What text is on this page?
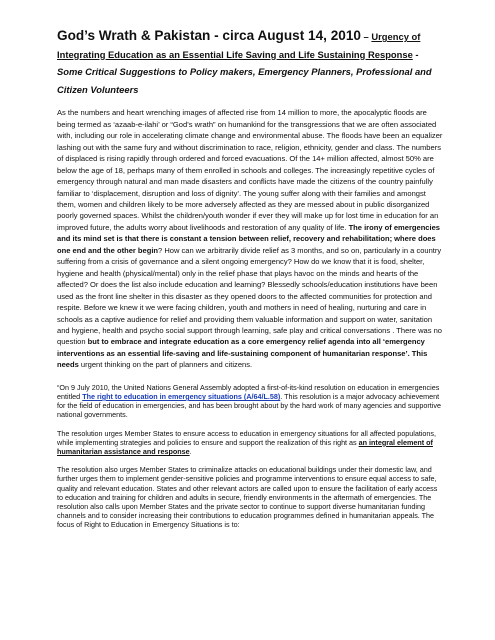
God’s Wrath & Pakistan - circa August 14, 2010 – Urgency of Integrating Education as an Essential Life Saving and Life Sustaining Response - Some Critical Suggestions to Policy makers, Emergency Planners, Professional and Citizen Volunteers

As the numbers and heart wrenching images of affected rise from 14 million to more, the apocalyptic floods are being termed as ‘azaab-e-ilahi’ or “God’s wrath” on humankind for the transgressions that we are often associated with, including our role in accelerating climate change and environmental abuse. The floods have been an equalizer lashing out with the same fury and without discrimination to race, religion, ethnicity, gender and class. The numbers of displaced is rising rapidly through ordered and forced evacuations. Of the 14+ million affected, almost 50% are below the age of 18, perhaps many of them enrolled in schools and colleges. The increasingly repetitive cycles of emergency through natural and man made disasters and conflicts have made the citizens of the country painfully familiar to ‘displacement, disruption and loss of dignity’. The young suffer along with their families and amongst them, women and children likely to be more adversely affected as they are messed about in public disorganized poorly governed spaces. Whilst the children/youth wonder if ever they will make up for lost time in education for an improved future, the adults worry about livelihoods and restoration of any quality of life. The irony of emergencies and its mind set is that there is constant a tension between relief, recovery and rehabilitation; where does one end and the other begin? How can we arbitrarily divide relief as 3 months, and so on, particularly in a country suffering from a crisis of governance and a silent ongoing emergency? How do we know that it is food, shelter, hygiene and health (physical/mental) only in the relief phase that plays havoc on the minds and hearts of the affected? Or does the list also include education and learning? Blessedly schools/education institutions have been used as the front line shelter in this disaster as they opened doors to the affected communities for protection and respite. Before we knew it we were facing children, youth and mothers in need of healing, nurturing and care in schools as a captive audience for relief and providing them valuable information and support on water, sanitation and hygiene, health and psycho social support through learning, safe play and critical conversations . There was no question but to embrace and integrate education as a core emergency relief agenda into all ‘emergency interventions as an essential life-saving and life-sustaining component of humanitarian response’. This needs urgent thinking on the part of planners and citizens.

“On 9 July 2010, the United Nations General Assembly adopted a first-of-its-kind resolution on education in emergencies entitled The right to education in emergency situations (A/64/L.58). This resolution is a major advocacy achievement for the field of education in emergencies, and has been brought about by the hard work of many agencies and supportive national governments.

The resolution urges Member States to ensure access to education in emergency situations for all affected populations, while implementing strategies and policies to ensure and support the realization of this right as an integral element of humanitarian assistance and response.

The resolution also urges Member States to criminalize attacks on educational buildings under their domestic law, and further urges them to implement gender-sensitive policies and programme interventions to ensure equal access to safe, quality and relevant education. States and other relevant actors are called upon to ensure the facilitation of early access to education and training for children and adults in secure, friendly environments in the aftermath of emergencies. The resolution also calls upon Member States and the private sector to continue to support diverse humanitarian funding channels and to consider increasing their contributions to education programmes defined in humanitarian appeals. The focus of Right to Education in Emergency Situations is to:
